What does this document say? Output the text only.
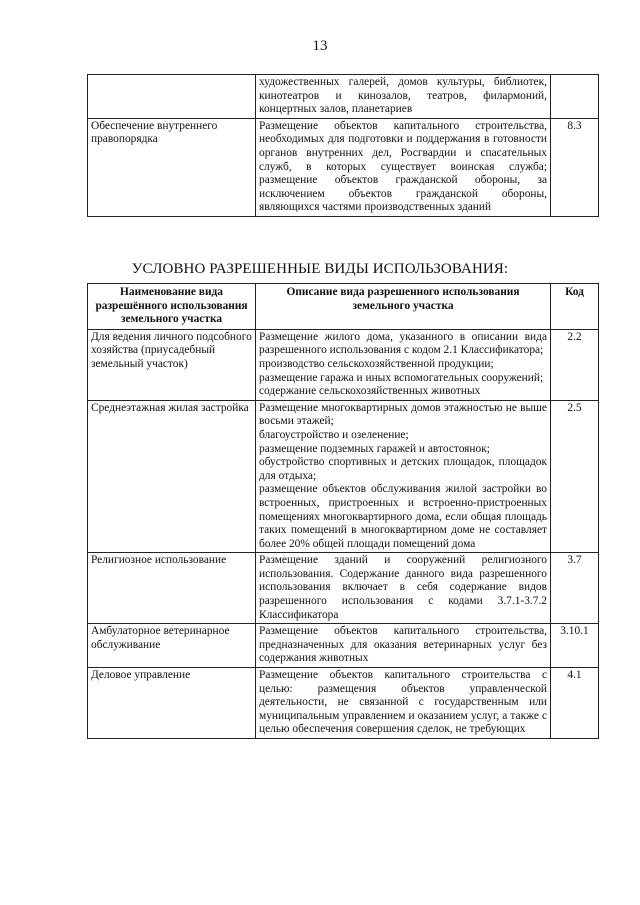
13

	художественных галерей, домов культуры, библиотек, кинотеатров и кинозалов, театров, филармоний, концертных залов, планетариев	

Обеспечение внутреннего правопорядка	Размещение объектов капитального строительства, необходимых для подготовки и поддержания в готовности органов внутренних дел, Росгвардии и спасательных служб, в которых существует воинская служба; размещение объектов гражданской обороны, за исключением объектов гражданской обороны, являющихся частями производственных зданий	8.3
УСЛОВНО РАЗРЕШЕННЫЕ ВИДЫ ИСПОЛЬЗОВАНИЯ:
Наименование вида разрешённого использования земельного участка	Описание вида разрешенного использования земельного участка	Код
Для ведения личного подсобного хозяйства (приусадебный земельный участок)	Размещение жилого дома, указанного в описании вида разрешенного использования с кодом 2.1 Классификатора;
производство сельскохозяйственной продукции;
размещение гаража и иных вспомогательных сооружений;
содержание сельскохозяйственных животных	2.2
Среднеэтажная жилая застройка	Размещение многоквартирных домов этажностью не выше восьми этажей;
благоустройство и озеленение;
размещение подземных гаражей и автостоянок;
обустройство спортивных и детских площадок, площадок для отдыха;
размещение объектов обслуживания жилой застройки во встроенных, пристроенных и встроенно-пристроенных помещениях многоквартирного дома, если общая площадь таких помещений в многоквартирном доме не составляет более 20% общей площади помещений дома	2.5
Религиозное использование	Размещение зданий и сооружений религиозного использования. Содержание данного вида разрешенного использования включает в себя содержание видов разрешенного использования с кодами 3.7.1-3.7.2 Классификатора	3.7
Амбулаторное ветеринарное обслуживание	Размещение объектов капитального строительства, предназначенных для оказания ветеринарных услуг без содержания животных	3.10.1
Деловое управление	Размещение объектов капитального строительства с целью: размещения объектов управленческой деятельности, не связанной с государственным или муниципальным управлением и оказанием услуг, а также с целью обеспечения совершения сделок, не требующих	4.1
